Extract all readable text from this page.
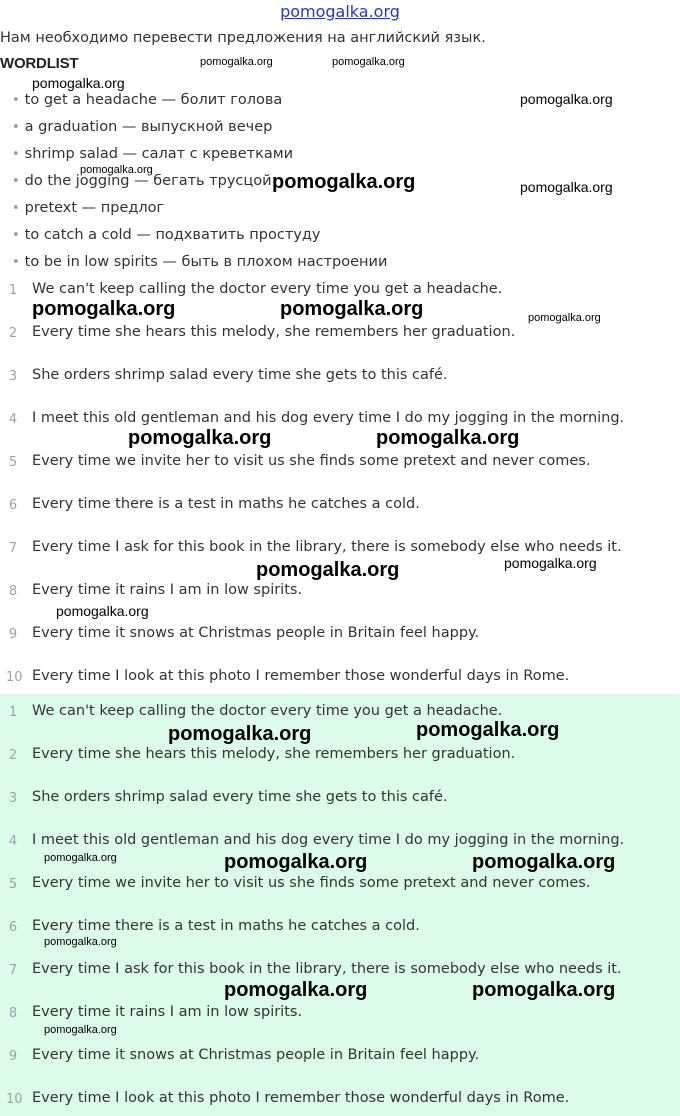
pomogalka.org
Нам необходимо перевести предложения на английский язык.
WORDLIST
• to get a headache — болит голова
• a graduation — выпускной вечер
• shrimp salad — салат с креветками
• do the jogging — бегать трусцой
• pretext — предлог
• to catch a cold — подхватить простуду
• to be in low spirits — быть в плохом настроении
1 We can't keep calling the doctor every time you get a headache.
2 Every time she hears this melody, she remembers her graduation.
3 She orders shrimp salad every time she gets to this café.
4 I meet this old gentleman and his dog every time I do my jogging in the morning.
5 Every time we invite her to visit us she finds some pretext and never comes.
6 Every time there is a test in maths he catches a cold.
7 Every time I ask for this book in the library, there is somebody else who needs it.
8 Every time it rains I am in low spirits.
9 Every time it snows at Christmas people in Britain feel happy.
10 Every time I look at this photo I remember those wonderful days in Rome.
1 We can't keep calling the doctor every time you get a headache.
2 Every time she hears this melody, she remembers her graduation.
3 She orders shrimp salad every time she gets to this café.
4 I meet this old gentleman and his dog every time I do my jogging in the morning.
5 Every time we invite her to visit us she finds some pretext and never comes.
6 Every time there is a test in maths he catches a cold.
7 Every time I ask for this book in the library, there is somebody else who needs it.
8 Every time it rains I am in low spirits.
9 Every time it snows at Christmas people in Britain feel happy.
10 Every time I look at this photo I remember those wonderful days in Rome.
pomogalka.org	pomogalka.org
pomogalka.org
pomogalka.org
pomogalka.org
pomogalka.org	pomogalka.org
pomogalka.org	pomogalka.org	pomogalka.org
pomogalka.org	pomogalka.org
pomogalka.org	pomogalka.org
pomogalka.org
pomogalka.org	pomogalka.org
pomogalka.org	pomogalka.org	pomogalka.org
pomogalka.org
pomogalka.org	pomogalka.org
pomogalka.org
